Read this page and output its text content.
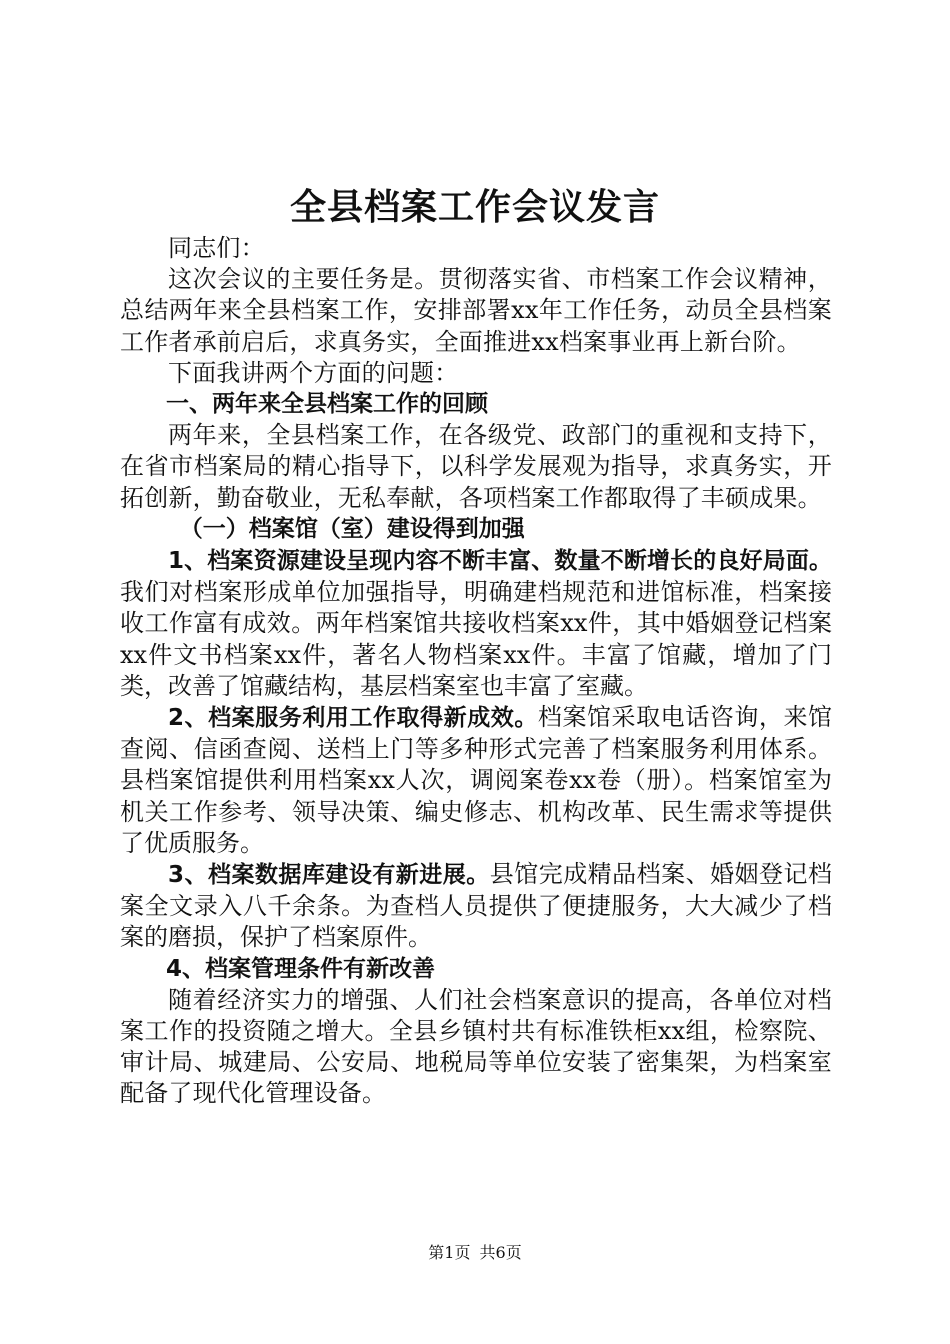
全县档案工作会议发言

同志们：

这次会议的主要任务是。贯彻落实省、市档案工作会议精神，总结两年来全县档案工作，安排部署xx年工作任务，动员全县档案工作者承前启后，求真务实，全面推进xx档案事业再上新台阶。

下面我讲两个方面的问题：

一、两年来全县档案工作的回顾

两年来，全县档案工作，在各级党、政部门的重视和支持下，在省市档案局的精心指导下，以科学发展观为指导，求真务实，开拓创新，勤奋敬业，无私奉献，各项档案工作都取得了丰硕成果。

（一）档案馆（室）建设得到加强

1、档案资源建设呈现内容不断丰富、数量不断增长的良好局面。我们对档案形成单位加强指导，明确建档规范和进馆标准，档案接收工作富有成效。两年档案馆共接收档案xx件，其中婚姻登记档案xx件文书档案xx件，著名人物档案xx件。丰富了馆藏，增加了门类，改善了馆藏结构，基层档案室也丰富了室藏。

2、档案服务利用工作取得新成效。档案馆采取电话咨询，来馆查阅、信函查阅、送档上门等多种形式完善了档案服务利用体系。县档案馆提供利用档案xx人次，调阅案卷xx卷（册）。档案馆室为机关工作参考、领导决策、编史修志、机构改革、民生需求等提供了优质服务。

3、档案数据库建设有新进展。县馆完成精品档案、婚姻登记档案全文录入八千余条。为查档人员提供了便捷服务，大大减少了档案的磨损，保护了档案原件。

4、档案管理条件有新改善

随着经济实力的增强、人们社会档案意识的提高，各单位对档案工作的投资随之增大。全县乡镇村共有标准铁柜xx组，检察院、审计局、城建局、公安局、地税局等单位安装了密集架，为档案室配备了现代化管理设备。

第1页 共6页
